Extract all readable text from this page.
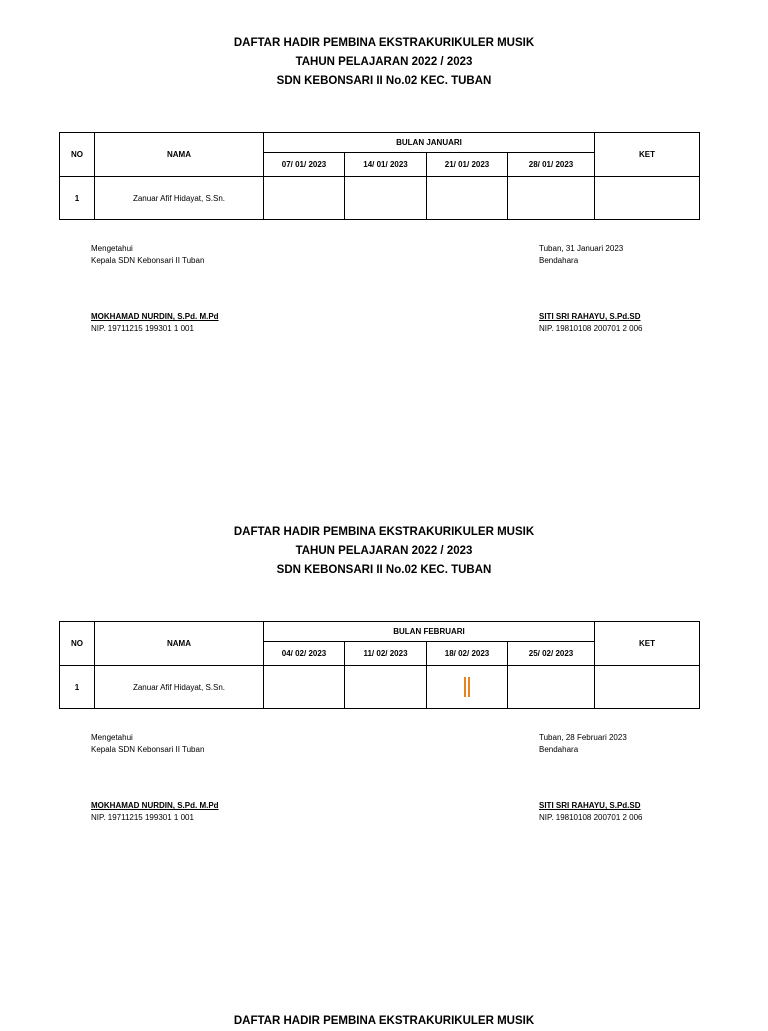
DAFTAR HADIR PEMBINA EKSTRAKURIKULER MUSIK
TAHUN PELAJARAN 2022 / 2023
SDN KEBONSARI II No.02 KEC. TUBAN
NO	NAMA	BULAN JANUARI				KET
		07/ 01/ 2023	14/ 01/ 2023	21/ 01/ 2023	28/ 01/ 2023	
1	Zanuar Afif Hidayat, S.Sn.					
Mengetahui
Kepala SDN Kebonsari II Tuban
MOKHAMAD NURDIN, S.Pd. M.Pd
NIP. 19711215 199301 1 001
Tuban, 31 Januari 2023
Bendahara
SITI SRI RAHAYU, S.Pd.SD
NIP. 19810108 200701 2 006
DAFTAR HADIR PEMBINA EKSTRAKURIKULER MUSIK
TAHUN PELAJARAN 2022 / 2023
SDN KEBONSARI II No.02 KEC. TUBAN
NO	NAMA	BULAN FEBRUARI				KET
		04/ 02/ 2023	11/ 02/ 2023	18/ 02/ 2023	25/ 02/ 2023	
1	Zanuar Afif Hidayat, S.Sn.					
Mengetahui
Kepala SDN Kebonsari II Tuban
MOKHAMAD NURDIN, S.Pd. M.Pd
NIP. 19711215 199301 1 001
Tuban, 28 Februari 2023
Bendahara
SITI SRI RAHAYU, S.Pd.SD
NIP. 19810108 200701 2 006
DAFTAR HADIR PEMBINA EKSTRAKURIKULER MUSIK
